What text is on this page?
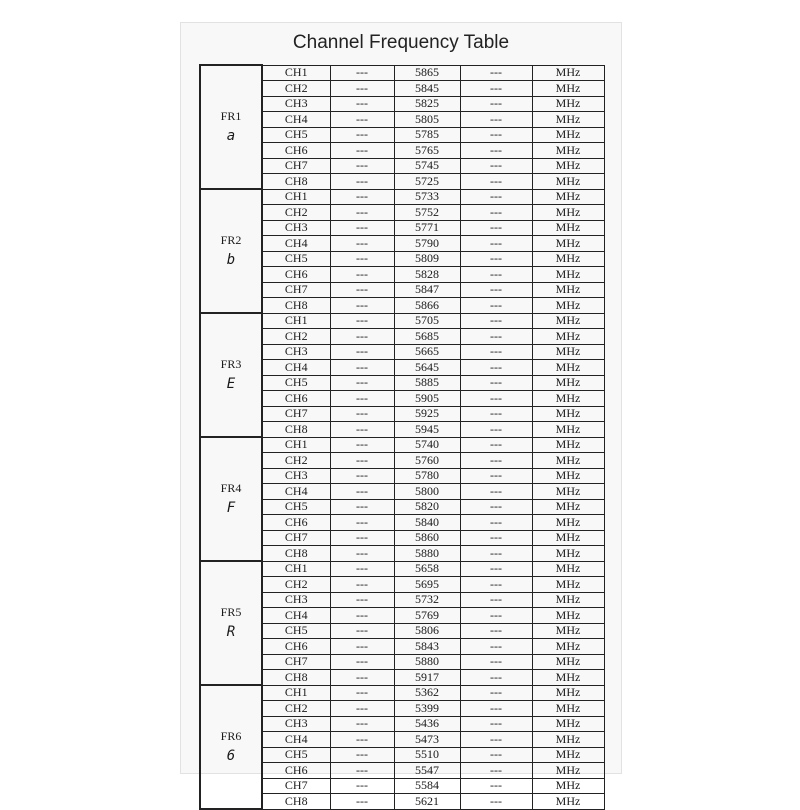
Channel Frequency Table
FR1
a	CH1	---	5865	---	MHz
	CH2	---	5845	---	MHz
	CH3	---	5825	---	MHz
	CH4	---	5805	---	MHz
	CH5	---	5785	---	MHz
	CH6	---	5765	---	MHz
	CH7	---	5745	---	MHz
	CH8	---	5725	---	MHz

FR2
b	CH1	---	5733	---	MHz
	CH2	---	5752	---	MHz
	CH3	---	5771	---	MHz
	CH4	---	5790	---	MHz
	CH5	---	5809	---	MHz
	CH6	---	5828	---	MHz
	CH7	---	5847	---	MHz
	CH8	---	5866	---	MHz

FR3
E	CH1	---	5705	---	MHz
	CH2	---	5685	---	MHz
	CH3	---	5665	---	MHz
	CH4	---	5645	---	MHz
	CH5	---	5885	---	MHz
	CH6	---	5905	---	MHz
	CH7	---	5925	---	MHz
	CH8	---	5945	---	MHz

FR4
F	CH1	---	5740	---	MHz
	CH2	---	5760	---	MHz
	CH3	---	5780	---	MHz
	CH4	---	5800	---	MHz
	CH5	---	5820	---	MHz
	CH6	---	5840	---	MHz
	CH7	---	5860	---	MHz
	CH8	---	5880	---	MHz

FR5
R	CH1	---	5658	---	MHz
	CH2	---	5695	---	MHz
	CH3	---	5732	---	MHz
	CH4	---	5769	---	MHz
	CH5	---	5806	---	MHz
	CH6	---	5843	---	MHz
	CH7	---	5880	---	MHz
	CH8	---	5917	---	MHz

FR6
6	CH1	---	5362	---	MHz
	CH2	---	5399	---	MHz
	CH3	---	5436	---	MHz
	CH4	---	5473	---	MHz
	CH5	---	5510	---	MHz
	CH6	---	5547	---	MHz
	CH7	---	5584	---	MHz
	CH8	---	5621	---	MHz
